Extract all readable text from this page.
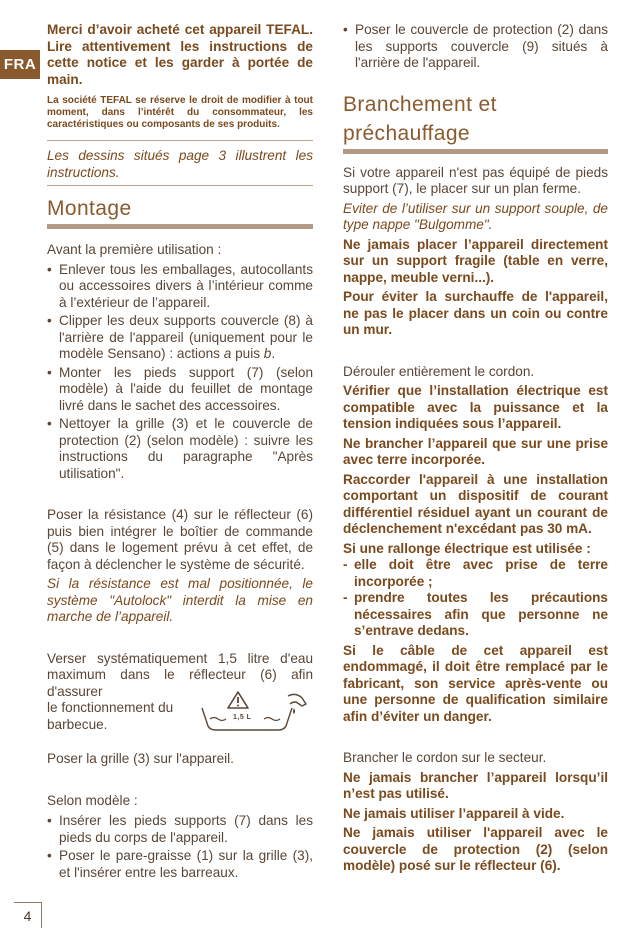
FRA

Merci d’avoir acheté cet appareil TEFAL. Lire attentivement les instructions de cette notice et les garder à portée de main.

La société TEFAL se réserve le droit de modifier à tout moment, dans l’intérêt du consommateur, les caractéristiques ou composants de ses produits.

Les dessins situés page 3 illustrent les instructions.

Montage

Avant la première utilisation :

• Enlever tous les emballages, autocollants ou accessoires divers à l’intérieur comme à l’extérieur de l’appareil.
• Clipper les deux supports couvercle (8) à l'arrière de l'appareil (uniquement pour le modèle Sensano) : actions a puis b.
• Monter les pieds support (7) (selon modèle) à l'aide du feuillet de montage livré dans le sachet des accessoires.
• Nettoyer la grille (3) et le couvercle de protection (2) (selon modèle) : suivre les instructions du paragraphe "Après utilisation".

Poser la résistance (4) sur le réflecteur (6) puis bien intégrer le boîtier de commande (5) dans le logement prévu à cet effet, de façon à déclencher le système de sécurité.

Si la résistance est mal positionnée, le système "Autolock" interdit la mise en marche de l’appareil.

Verser systématiquement 1,5 litre d'eau maximum dans le réflecteur (6) afin d'assurer

le fonctionnement du

barbecue.

Poser la grille (3) sur l'appareil.

Selon modèle :

• Insérer les pieds supports (7) dans les pieds du corps de l'appareil.
• Poser le pare-graisse (1) sur la grille (3), et l'insérer entre les barreaux.
1,5 L
• Poser le couvercle de protection (2) dans les supports couvercle (9) situés à l'arrière de l'appareil.
Branchement et
préchauffage

Si votre appareil n'est pas équipé de pieds support (7), le placer sur un plan ferme.

Eviter de l’utiliser sur un support souple, de type nappe "Bulgomme".

Ne jamais placer l’appareil directement sur un support fragile (table en verre, nappe, meuble verni...).

Pour éviter la surchauffe de l'appareil, ne pas le placer dans un coin ou contre un mur.

Dérouler entièrement le cordon.

Vérifier que l’installation électrique est compatible avec la puissance et la tension indiquées sous l’appareil.

Ne brancher l’appareil que sur une prise avec terre incorporée.

Raccorder l'appareil à une installation comportant un dispositif de courant différentiel résiduel ayant un courant de déclenchement n'excédant pas 30 mA.

Si une rallonge électrique est utilisée :

- elle doit être avec prise de terre incorporée ;
- prendre toutes les précautions nécessaires afin que personne ne s’entrave dedans.

Si le câble de cet appareil est endommagé, il doit être remplacé par le fabricant, son service après-vente ou une personne de qualification similaire afin d’éviter un danger.

Brancher le cordon sur le secteur.

Ne jamais brancher l’appareil lorsqu’il n’est pas utilisé.

Ne jamais utiliser l’appareil à vide.

Ne jamais utiliser l'appareil avec le couvercle de protection (2) (selon modèle) posé sur le réflecteur (6).

4
